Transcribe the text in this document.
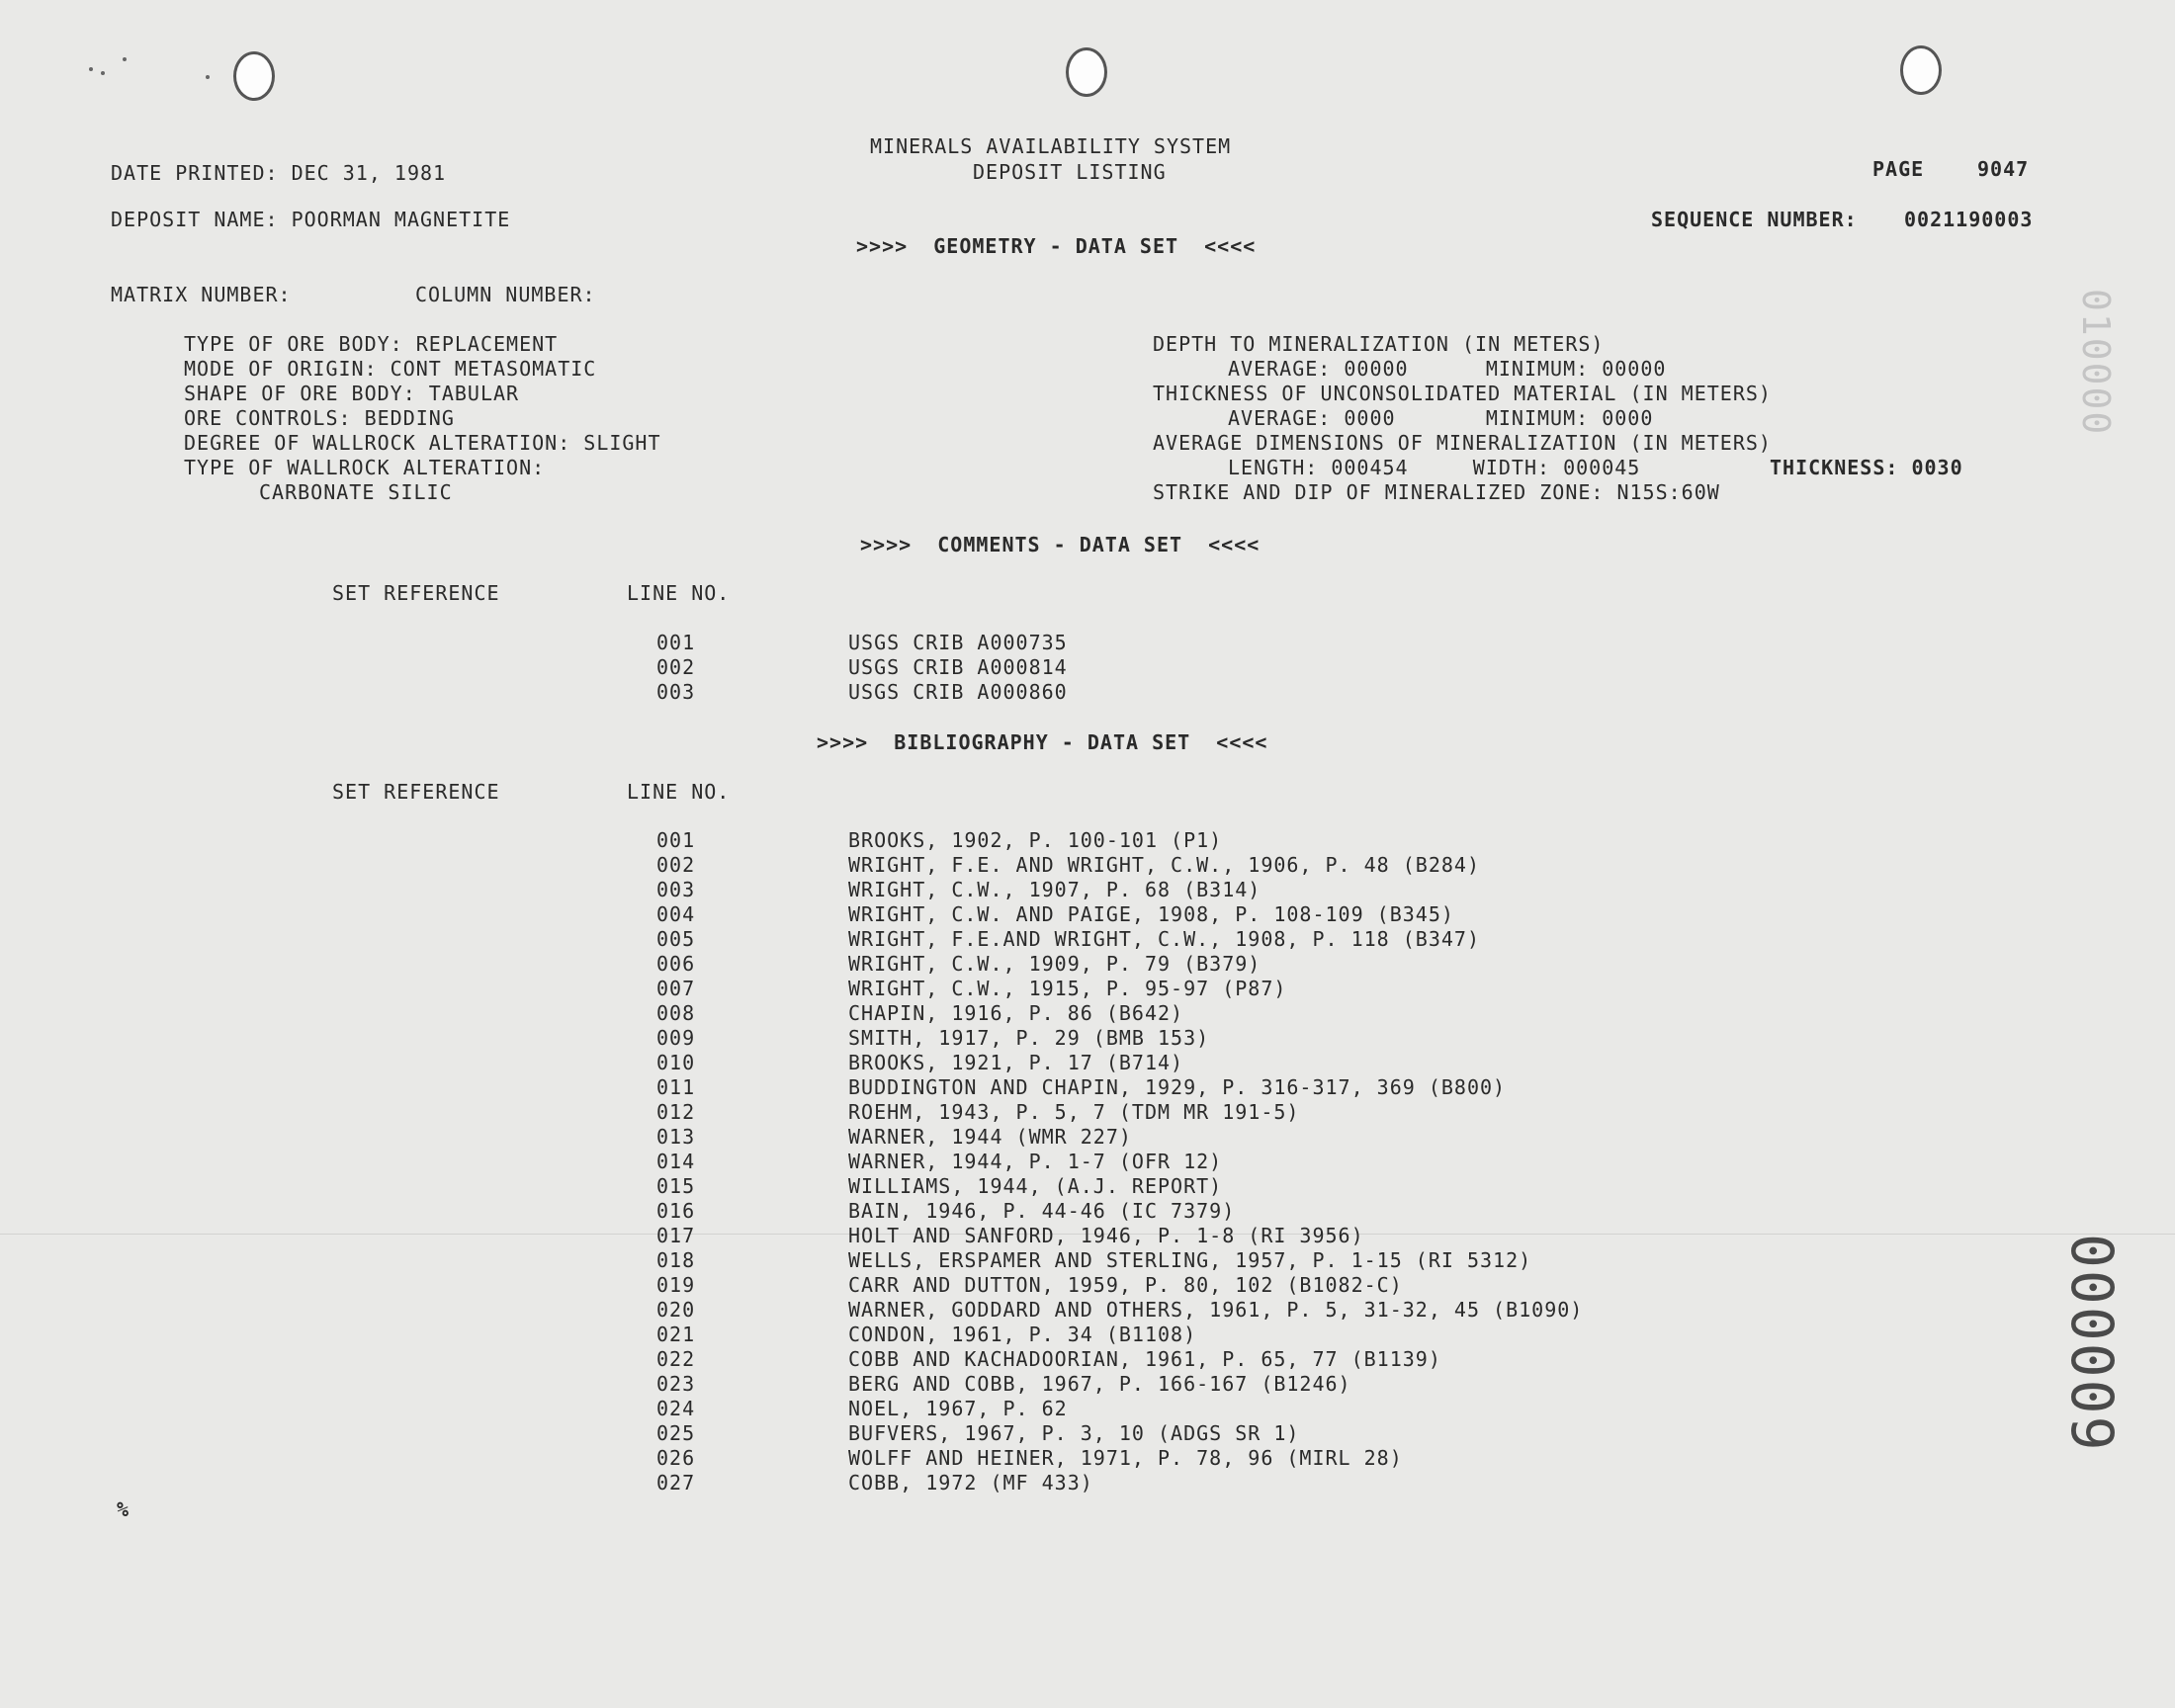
MINERALS AVAILABILITY SYSTEM
DEPOSIT LISTING
DATE PRINTED: DEC 31, 1981	PAGE	9047
DEPOSIT NAME: POORMAN MAGNETITE	SEQUENCE NUMBER: 0021190003
>>>>  GEOMETRY - DATA SET  <<<<
MATRIX NUMBER:	COLUMN NUMBER:
TYPE OF ORE BODY: REPLACEMENT
MODE OF ORIGIN: CONT METASOMATIC
SHAPE OF ORE BODY: TABULAR
ORE CONTROLS: BEDDING
DEGREE OF WALLROCK ALTERATION: SLIGHT
TYPE OF WALLROCK ALTERATION:
CARBONATE SILIC
DEPTH TO MINERALIZATION (IN METERS)
AVERAGE: 00000      MINIMUM: 00000
THICKNESS OF UNCONSOLIDATED MATERIAL (IN METERS)
AVERAGE: 0000       MINIMUM: 0000
AVERAGE DIMENSIONS OF MINERALIZATION (IN METERS)
LENGTH: 000454     WIDTH: 000045	THICKNESS: 0030
STRIKE AND DIP OF MINERALIZED ZONE: N15S:60W
>>>>  COMMENTS - DATA SET  <<<<
SET REFERENCE	LINE NO.
001	USGS CRIB A000735
002	USGS CRIB A000814
003	USGS CRIB A000860
>>>>  BIBLIOGRAPHY - DATA SET  <<<<
SET REFERENCE	LINE NO.
001	BROOKS, 1902, P. 100-101 (P1)
002	WRIGHT, F.E. AND WRIGHT, C.W., 1906, P. 48 (B284)
003	WRIGHT, C.W., 1907, P. 68 (B314)
004	WRIGHT, C.W. AND PAIGE, 1908, P. 108-109 (B345)
005	WRIGHT, F.E.AND WRIGHT, C.W., 1908, P. 118 (B347)
006	WRIGHT, C.W., 1909, P. 79 (B379)
007	WRIGHT, C.W., 1915, P. 95-97 (P87)
008	CHAPIN, 1916, P. 86 (B642)
009	SMITH, 1917, P. 29 (BMB 153)
010	BROOKS, 1921, P. 17 (B714)
011	BUDDINGTON AND CHAPIN, 1929, P. 316-317, 369 (B800)
012	ROEHM, 1943, P. 5, 7 (TDM MR 191-5)
013	WARNER, 1944 (WMR 227)
014	WARNER, 1944, P. 1-7 (OFR 12)
015	WILLIAMS, 1944, (A.J. REPORT)
016	BAIN, 1946, P. 44-46 (IC 7379)
017	HOLT AND SANFORD, 1946, P. 1-8 (RI 3956)
018	WELLS, ERSPAMER AND STERLING, 1957, P. 1-15 (RI 5312)
019	CARR AND DUTTON, 1959, P. 80, 102 (B1082-C)
020	WARNER, GODDARD AND OTHERS, 1961, P. 5, 31-32, 45 (B1090)
021	CONDON, 1961, P. 34 (B1108)
022	COBB AND KACHADOORIAN, 1961, P. 65, 77 (B1139)
023	BERG AND COBB, 1967, P. 166-167 (B1246)
024	NOEL, 1967, P. 62
025	BUFVERS, 1967, P. 3, 10 (ADGS SR 1)
026	WOLFF AND HEINER, 1971, P. 78, 96 (MIRL 28)
027	COBB, 1972 (MF 433)
%
010000
000009
